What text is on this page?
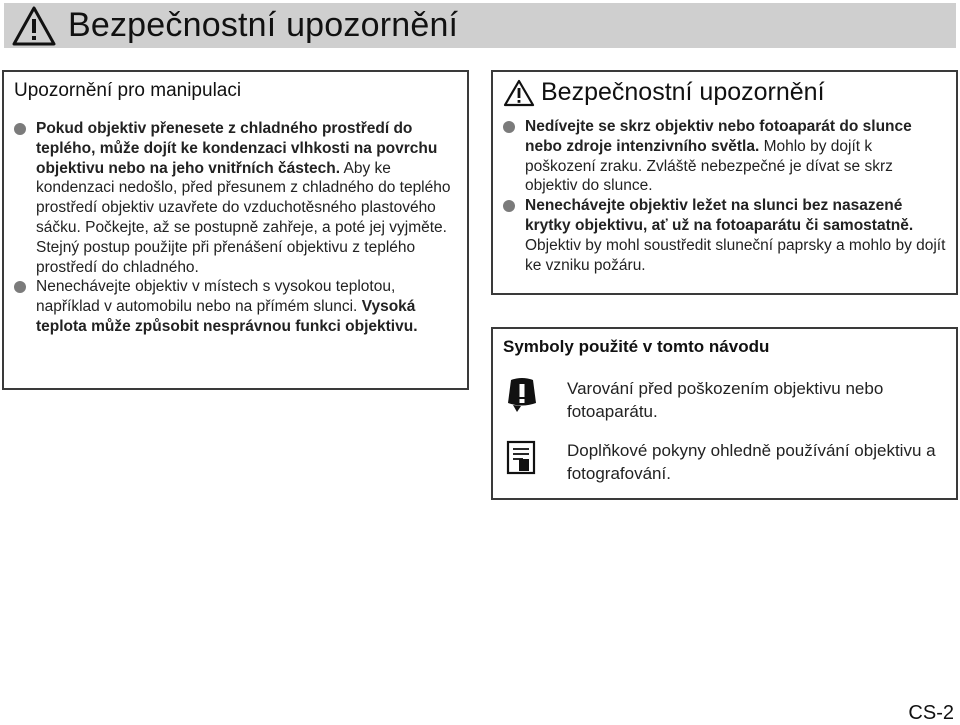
Bezpečnostní upozornění
Upozornění pro manipulaci
Pokud objektiv přenesete z chladného prostředí do teplého, může dojít ke kondenzaci vlhkosti na povrchu objektivu nebo na jeho vnitřních částech. Aby ke kondenzaci nedošlo, před přesunem z chladného do teplého prostředí objektiv uzavřete do vzduchotěsného plastového sáčku. Počkejte, až se postupně zahřeje, a poté jej vyjměte. Stejný postup použijte při přenášení objektivu z teplého prostředí do chladného.
Nenechávejte objektiv v místech s vysokou teplotou, například v automobilu nebo na přímém slunci. Vysoká teplota může způsobit nesprávnou funkci objektivu.
Bezpečnostní upozornění
Nedívejte se skrz objektiv nebo fotoaparát do slunce nebo zdroje intenzivního světla. Mohlo by dojít k poškození zraku. Zvláště nebezpečné je dívat se skrz objektiv do slunce.
Nenechávejte objektiv ležet na slunci bez nasazené krytky objektivu, ať už na fotoaparátu či samostatně. Objektiv by mohl soustředit sluneční paprsky a mohlo by dojít ke vzniku požáru.
Symboly použité v tomto návodu
Varování před poškozením objektivu nebo fotoaparátu.
Doplňkové pokyny ohledně používání objektivu a fotografování.
CS-2
